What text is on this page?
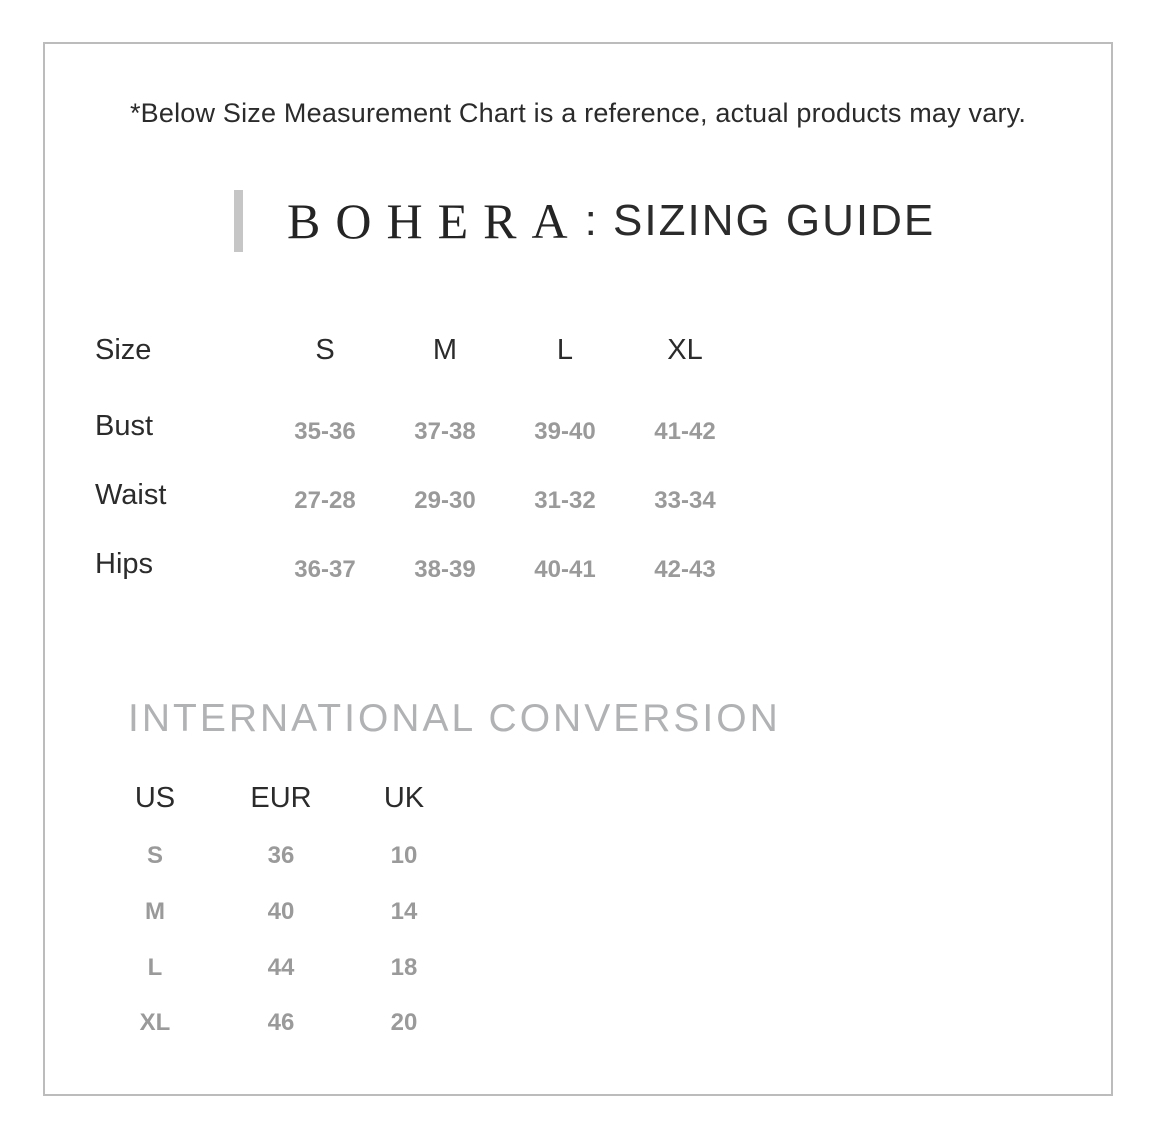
*Below Size Measurement Chart is a reference, actual products may vary.
BOHERA : SIZING GUIDE
Size	S	M	L	XL
Bust	35-36	37-38	39-40	41-42
Waist	27-28	29-30	31-32	33-34
Hips	36-37	38-39	40-41	42-43
INTERNATIONAL CONVERSION
US	EUR	UK
S	36	10
M	40	14
L	44	18
XL	46	20
